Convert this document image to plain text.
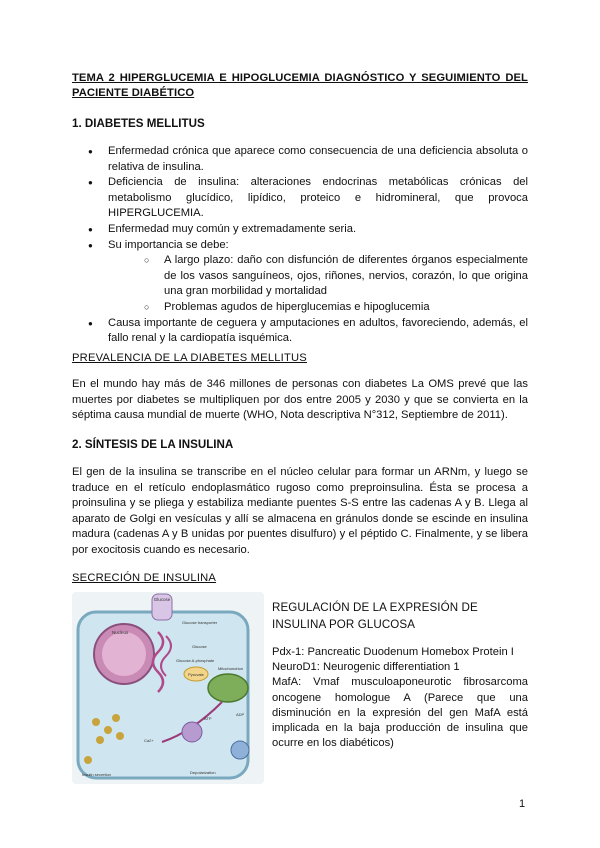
TEMA 2 HIPERGLUCEMIA E HIPOGLUCEMIA DIAGNÓSTICO Y SEGUIMIENTO DEL PACIENTE DIABÉTICO
1. DIABETES MELLITUS
● Enfermedad crónica que aparece como consecuencia de una deficiencia absoluta o relativa de insulina.
● Deficiencia de insulina: alteraciones endocrinas metabólicas crónicas del metabolismo glucídico, lipídico, proteico e hidromineral, que provoca HIPERGLUCEMIA.
● Enfermedad muy común y extremadamente seria.
● Su importancia se debe:
○ A largo plazo: daño con disfunción de diferentes órganos especialmente de los vasos sanguíneos, ojos, riñones, nervios, corazón, lo que origina una gran morbilidad y mortalidad
○ Problemas agudos de hiperglucemias e hipoglucemia
● Causa importante de ceguera y amputaciones en adultos, favoreciendo, además, el fallo renal y la cardiopatía isquémica.
PREVALENCIA DE LA DIABETES MELLITUS

En el mundo hay más de 346 millones de personas con diabetes La OMS prevé que las muertes por diabetes se multipliquen por dos entre 2005 y 2030 y que se convierta en la séptima causa mundial de muerte (WHO, Nota descriptiva N°312, Septiembre de 2011).

2. SÍNTESIS DE LA INSULINA

El gen de la insulina se transcribe en el núcleo celular para formar un ARNm, y luego se traduce en el retículo endoplasmático rugoso como preproinsulina. Ésta se procesa a proinsulina y se pliega y estabiliza mediante puentes S-S entre las cadenas A y B. Llega al aparato de Golgi en vesículas y allí se almacena en gránulos donde se escinde en insulina madura (cadenas A y B unidas por puentes disulfuro) y el péptido C. Finalmente, y se libera por exocitosis cuando es necesario.

SECRECIÓN DE INSULINA
Glucose
Glucose transporter
Nucleus
Glucose
Glucose-6-phosphate
Pyruvate
Mitochondrion
ATP
ADP
Ca2+
Insulin secretion	Depolarization
REGULACIÓN DE LA EXPRESIÓN DE INSULINA POR GLUCOSA
Pdx-1: Pancreatic Duodenum Homebox Protein I
NeuroD1: Neurogenic differentiation 1
MafA: Vmaf musculoaponeurotic fibrosarcoma oncogene homologue A (Parece que una disminución en la expresión del gen MafA está implicada en la baja producción de insulina que ocurre en los diabéticos)
1
